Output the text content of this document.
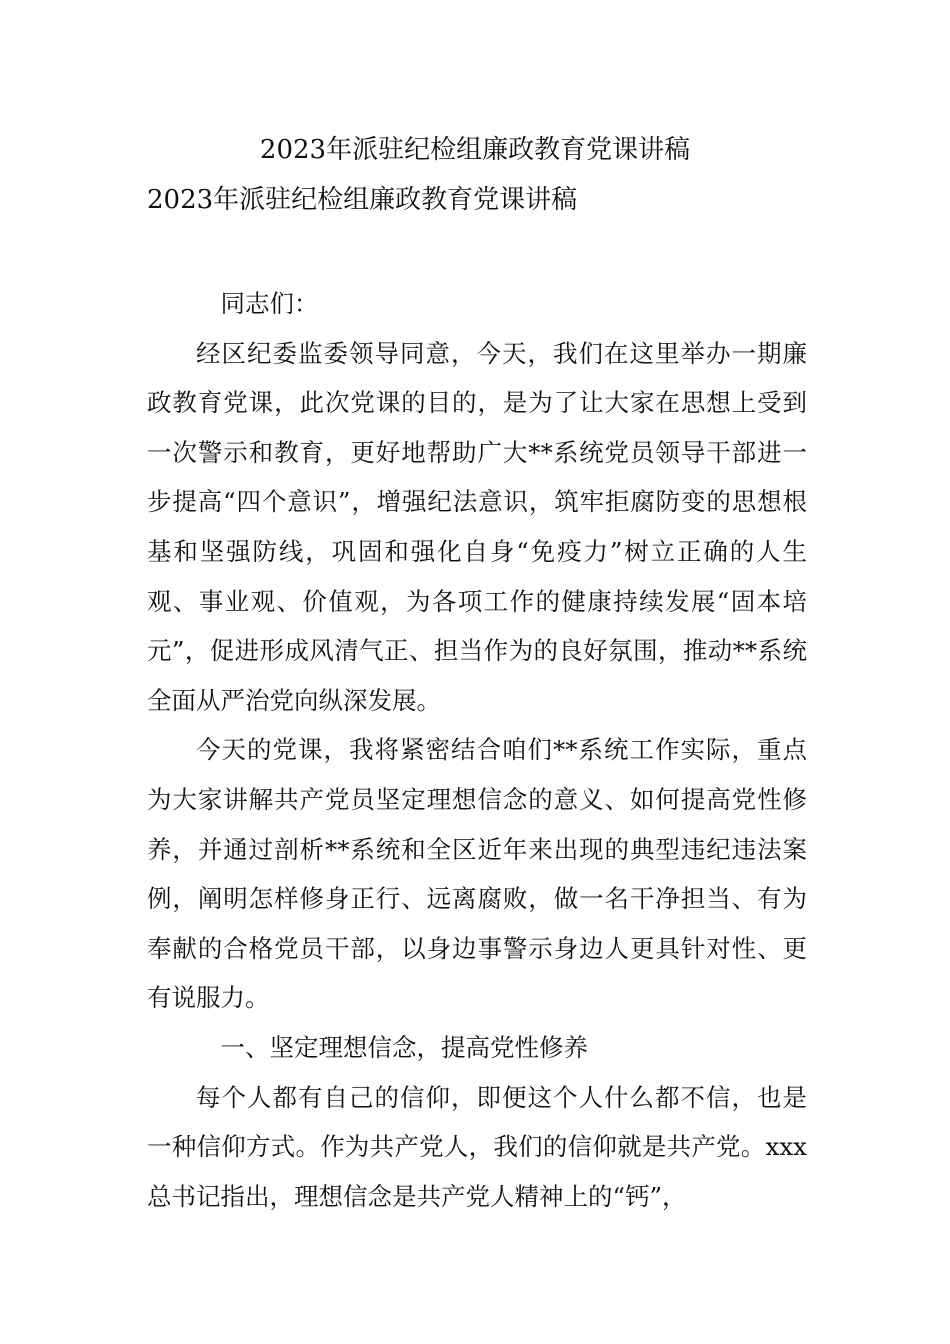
2023年派驻纪检组廉政教育党课讲稿
2023年派驻纪检组廉政教育党课讲稿

同志们：

经区纪委监委领导同意，今天，我们在这里举办一期廉政教育党课，此次党课的目的，是为了让大家在思想上受到一次警示和教育，更好地帮助广大**系统党员领导干部进一步提高“四个意识”，增强纪法意识，筑牢拒腐防变的思想根基和坚强防线，巩固和强化自身“免疫力”树立正确的人生观、事业观、价值观，为各项工作的健康持续发展“固本培元”，促进形成风清气正、担当作为的良好氛围，推动**系统全面从严治党向纵深发展。

今天的党课，我将紧密结合咱们**系统工作实际，重点为大家讲解共产党员坚定理想信念的意义、如何提高党性修养，并通过剖析**系统和全区近年来出现的典型违纪违法案例，阐明怎样修身正行、远离腐败，做一名干净担当、有为奉献的合格党员干部，以身边事警示身边人更具针对性、更有说服力。

一、坚定理想信念，提高党性修养

每个人都有自己的信仰，即便这个人什么都不信，也是一种信仰方式。作为共产党人，我们的信仰就是共产党。xxx总书记指出，理想信念是共产党人精神上的“钙”，
